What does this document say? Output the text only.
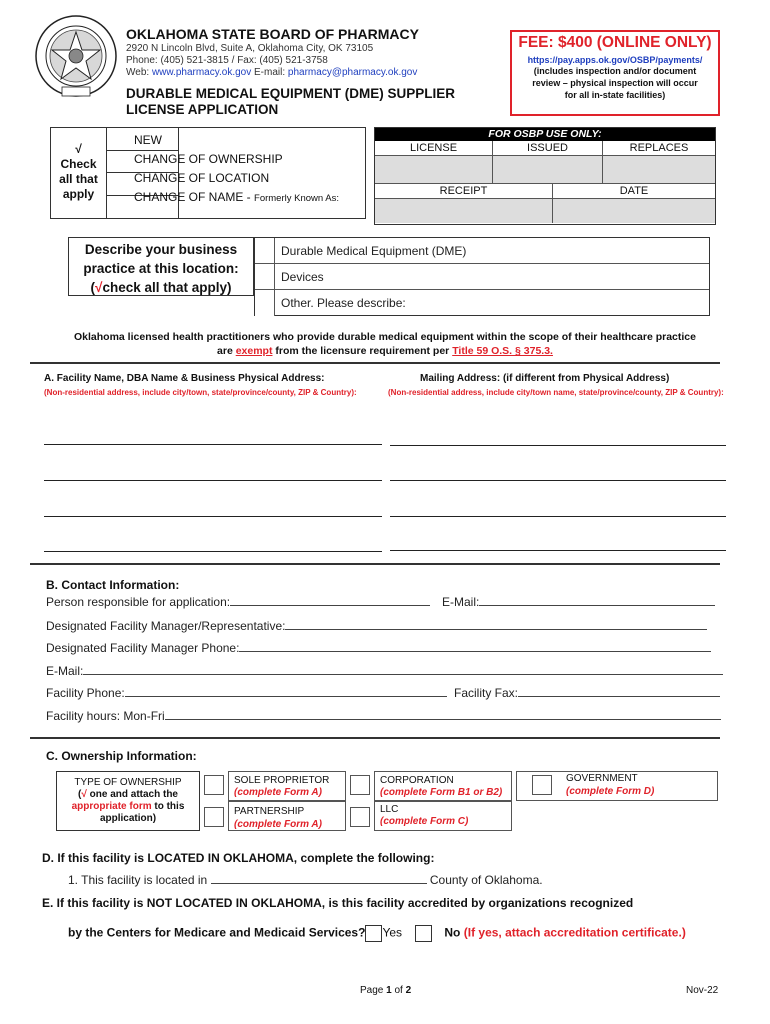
OKLAHOMA STATE BOARD OF PHARMACY
2920 N Lincoln Blvd, Suite A, Oklahoma City, OK 73105
Phone: (405) 521-3815 / Fax: (405) 521-3758
Web: www.pharmacy.ok.gov E-mail: pharmacy@pharmacy.ok.gov
DURABLE MEDICAL EQUIPMENT (DME) SUPPLIER
LICENSE APPLICATION
FEE: $400 (ONLINE ONLY)
https://pay.apps.ok.gov/OSBP/payments/
(includes inspection and/or document
review – physical inspection will occur
for all in-state facilities)
√
Check
all that
apply
NEW
CHANGE OF OWNERSHIP
CHANGE OF LOCATION
CHANGE OF NAME - Formerly Known As:
FOR OSBP USE ONLY:
LICENSE	ISSUED	REPLACES
RECEIPT	DATE
Describe your business
practice at this location:
(√check all that apply)
Durable Medical Equipment (DME)
Devices
Other. Please describe:
Oklahoma licensed health practitioners who provide durable medical equipment within the scope of their healthcare practice
are exempt from the licensure requirement per Title 59 O.S. § 375.3.
A. Facility Name, DBA Name & Business Physical Address:
(Non-residential address, include city/town, state/province/county, ZIP & Country):
Mailing Address: (if different from Physical Address)
(Non-residential address, include city/town name, state/province/county, ZIP & Country):
B. Contact Information:
Person responsible for application:	E-Mail:
Designated Facility Manager/Representative:
Designated Facility Manager Phone:
E-Mail:
Facility Phone:	Facility Fax:
Facility hours: Mon-Fri
C. Ownership Information:
TYPE OF OWNERSHIP
(√ one and attach the
appropriate form to this
application)
SOLE PROPRIETOR
(complete Form A)
PARTNERSHIP
(complete Form A)
CORPORATION
(complete Form B1 or B2)
LLC
(complete Form C)
GOVERNMENT
(complete Form D)
D. If this facility is LOCATED IN OKLAHOMA, complete the following:
1. This facility is located in	County of Oklahoma.
E. If this facility is NOT LOCATED IN OKLAHOMA, is this facility accredited by organizations recognized
by the Centers for Medicare and Medicaid Services? Yes	No (If yes, attach accreditation certificate.)
Page 1 of 2	Nov-22
